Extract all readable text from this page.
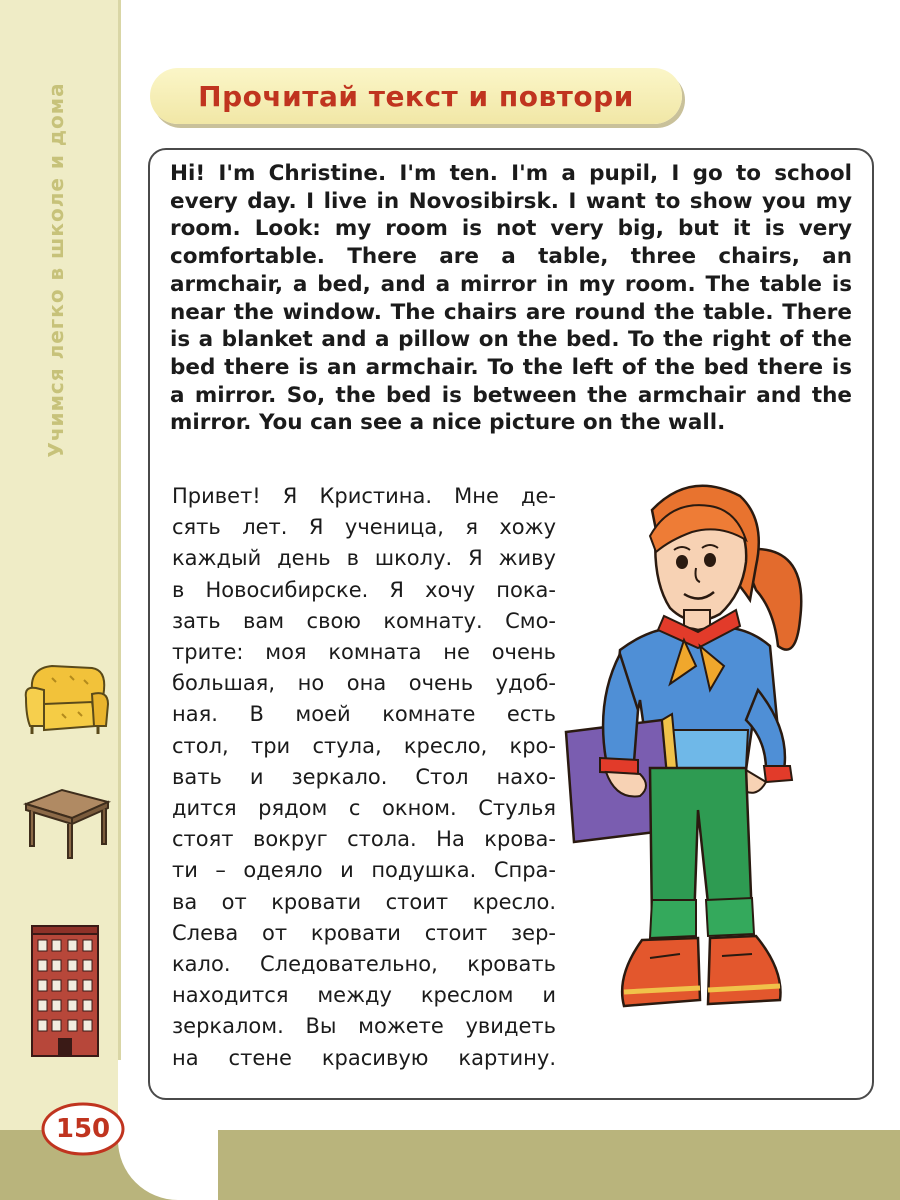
Учимся легко в школе и дома	Прочитай текст и повтори

Hi! I'm Christine. I'm ten. I'm a pupil, I go to school every day. I live in Novosibirsk. I want to show you my room. Look: my room is not very big, but it is very comfortable. There are a table, three chairs, an armchair, a bed, and a mirror in my room. The table is near the window. The chairs are round the table. There is a blanket and a pillow on the bed. To the right of the bed there is an armchair. To the left of the bed there is a mirror. So, the bed is between the armchair and the mirror. You can see a nice picture on the wall.

Привет! Я Кристина. Мне де-
сять лет. Я ученица, я хожу
каждый день в школу. Я живу
в Новосибирске. Я хочу пока-
зать вам свою комнату. Смо-
трите: моя комната не очень
большая, но она очень удоб-
ная. В моей комнате есть
стол, три стула, кресло, кро-
вать и зеркало. Стол нахо-
дится рядом с окном. Стулья
стоят вокруг стола. На крова-
ти – одеяло и подушка. Спра-
ва от кровати стоит кресло.
Слева от кровати стоит зер-
кало. Следовательно, кровать
находится между креслом и
зеркалом. Вы можете увидеть
на стене красивую картину.
150
